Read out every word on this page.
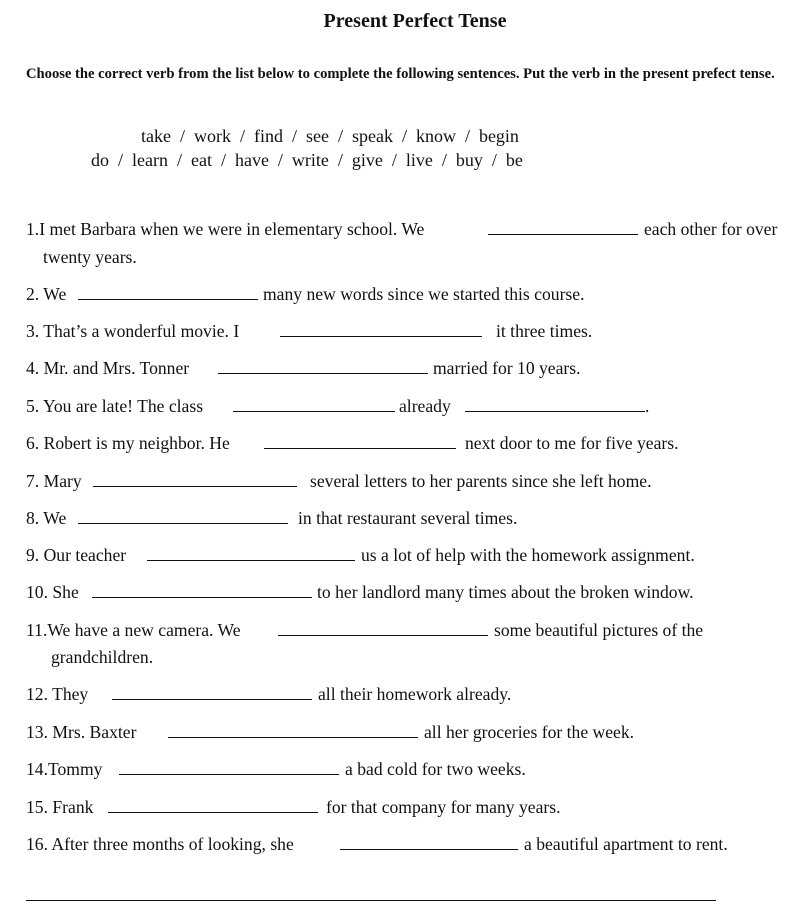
Present Perfect Tense
Choose the correct verb from the list below to complete the following sentences. Put the verb in the present prefect tense.
take  /  work  /  find  /  see  /  speak  /  know  /  begin
do  /  learn  /  eat  /  have  /  write  /  give  /  live  /  buy  /  be
1.I met Barbara when we were in elementary school. We	each other for over
twenty years.
2. We	many new words since we started this course.
3. That’s a wonderful movie. I	it three times.
4. Mr. and Mrs. Tonner	married for 10 years.
5. You are late! The class	already	.
6. Robert is my neighbor. He	next door to me for five years.
7. Mary	several letters to her parents since she left home.
8. We	in that restaurant several times.
9. Our teacher	us a lot of help with the homework assignment.
10. She	to her landlord many times about the broken window.
11.We have a new camera. We	some beautiful pictures of the
grandchildren.
12. They	all their homework already.
13. Mrs. Baxter	all her groceries for the week.
14.Tommy	a bad cold for two weeks.
15. Frank	for that company for many years.
16. After three months of looking, she	a beautiful apartment to rent.
